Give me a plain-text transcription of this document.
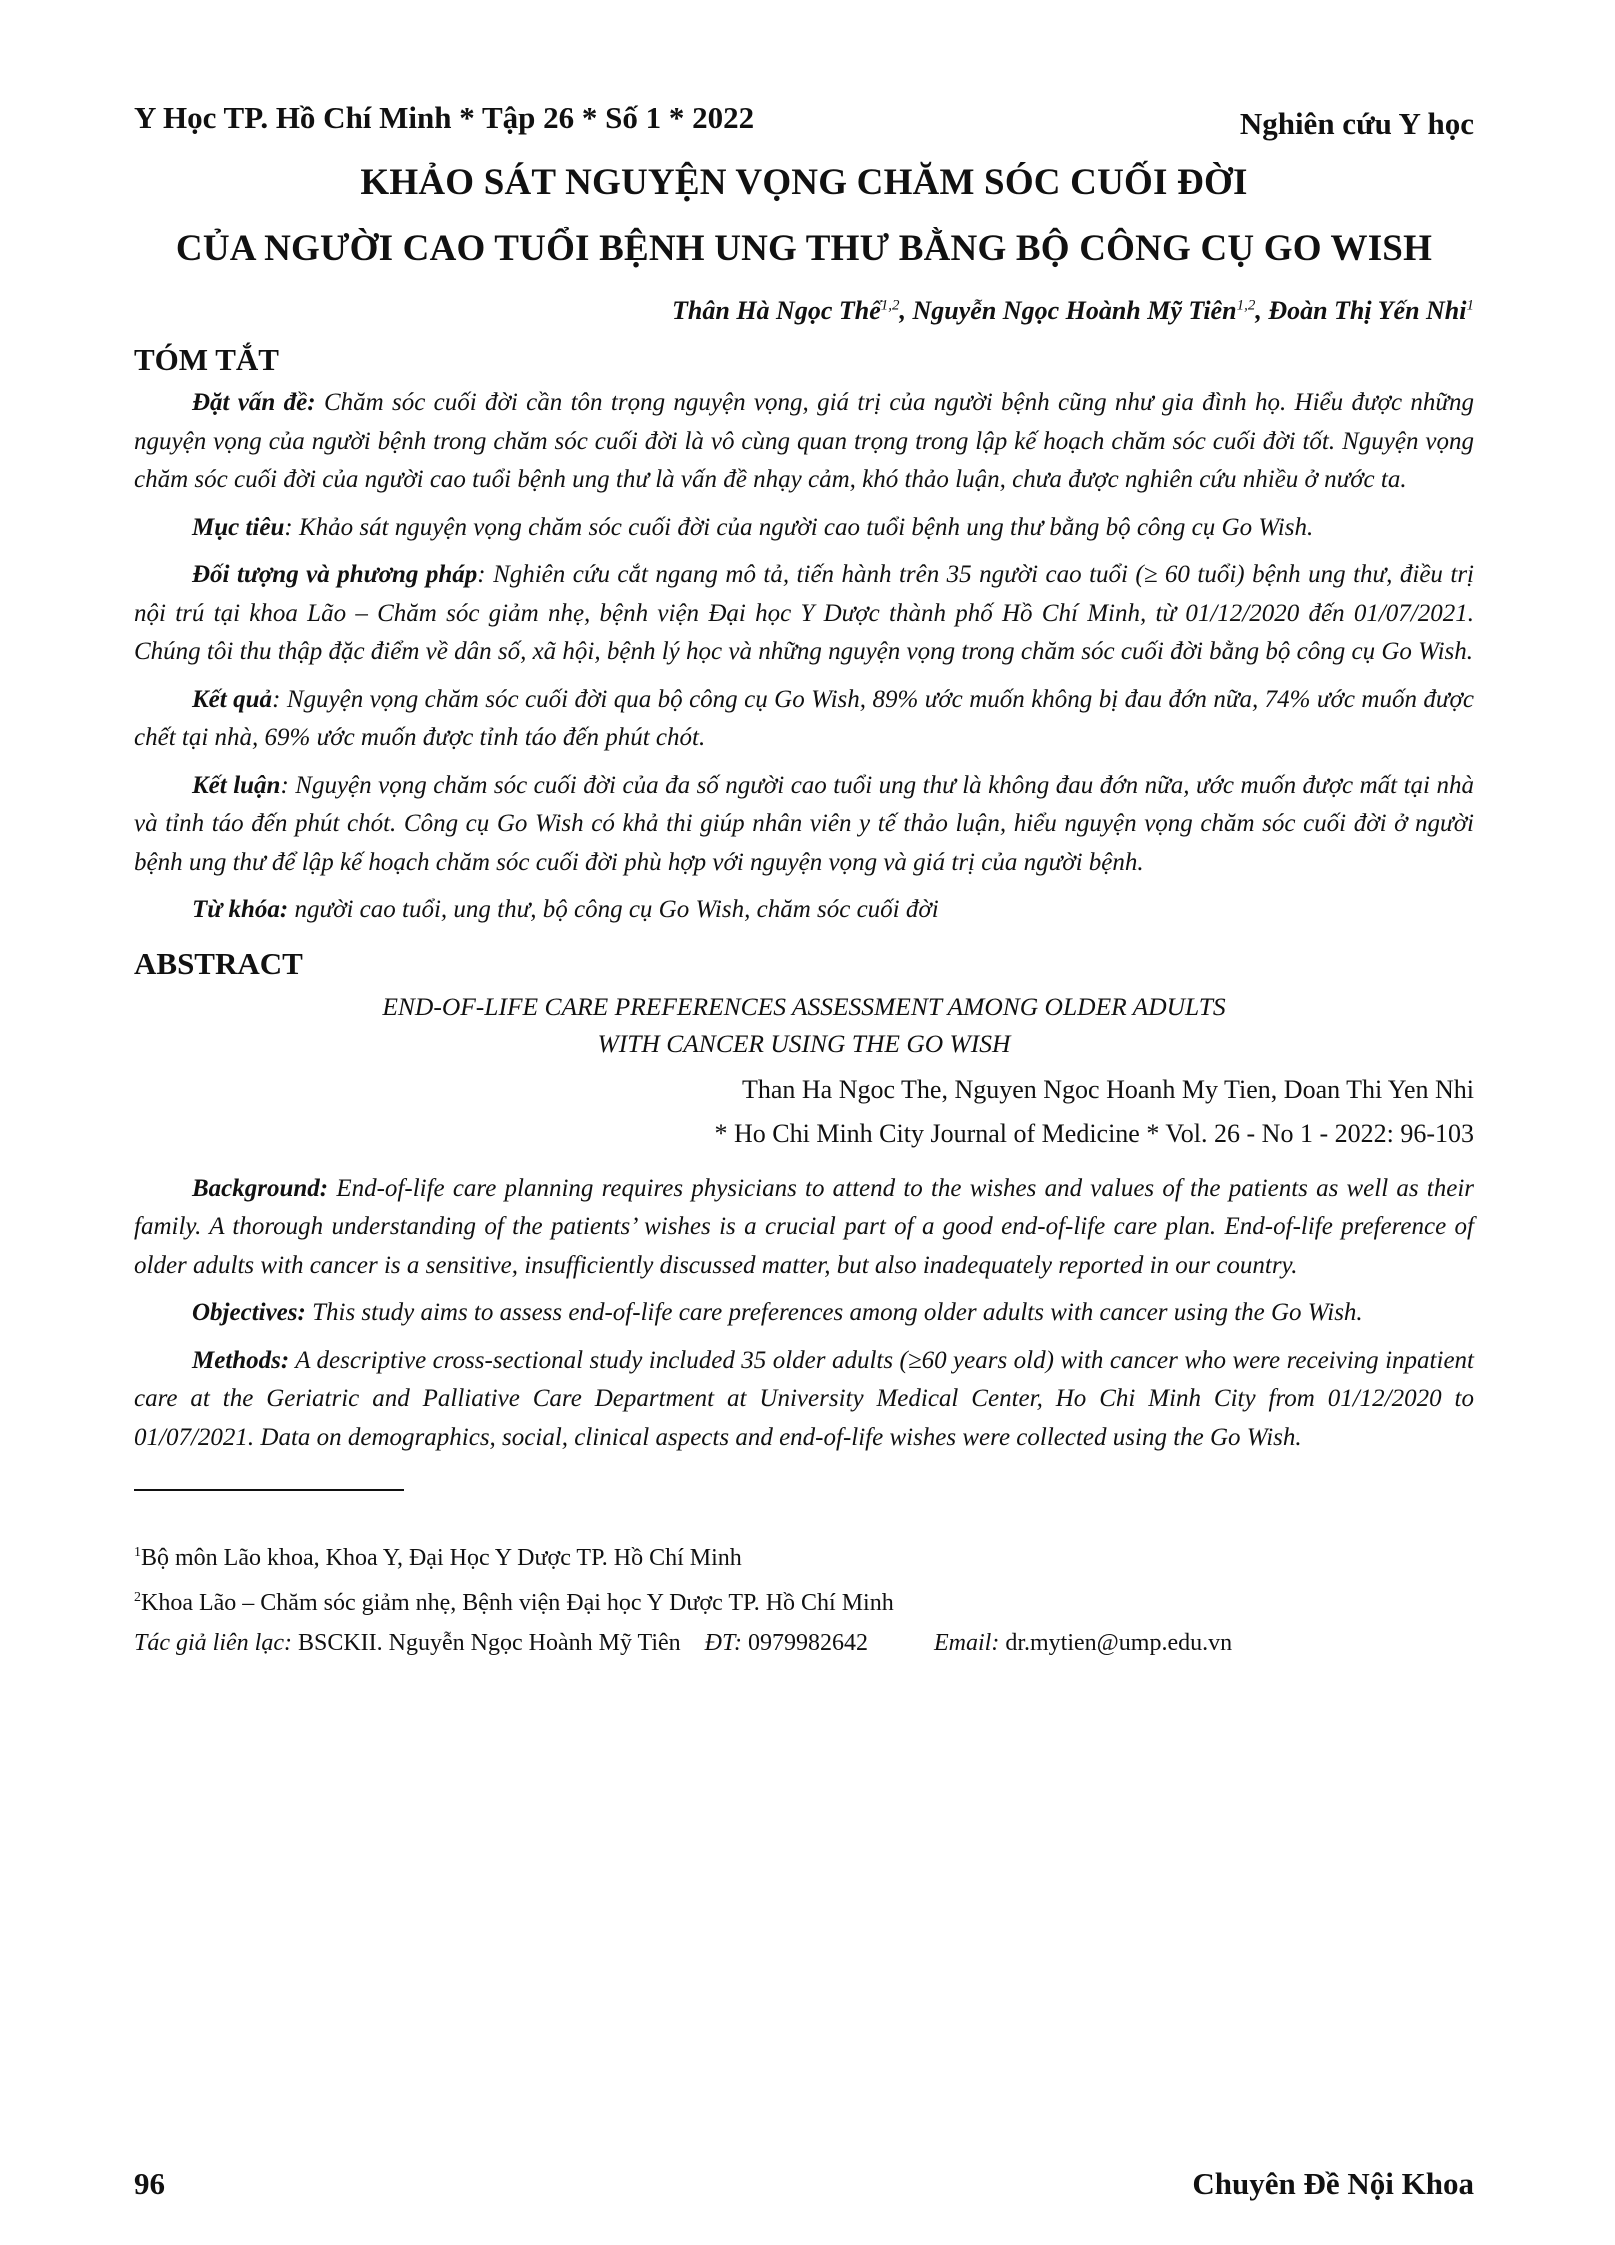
Y Học TP. Hồ Chí Minh * Tập 26 * Số 1 * 2022	Nghiên cứu Y học
KHẢO SÁT NGUYỆN VỌNG CHĂM SÓC CUỐI ĐỜI
CỦA NGƯỜI CAO TUỔI BỆNH UNG THƯ BẰNG BỘ CÔNG CỤ GO WISH
Thân Hà Ngọc Thể$^{1,2}$, Nguyễn Ngọc Hoành Mỹ Tiên$^{1,2}$, Đoàn Thị Yến Nhi$^1$
TÓM TẮT

Đặt vấn đề: Chăm sóc cuối đời cần tôn trọng nguyện vọng, giá trị của người bệnh cũng như gia đình họ. Hiểu được những nguyện vọng của người bệnh trong chăm sóc cuối đời là vô cùng quan trọng trong lập kế hoạch chăm sóc cuối đời tốt. Nguyện vọng chăm sóc cuối đời của người cao tuổi bệnh ung thư là vấn đề nhạy cảm, khó thảo luận, chưa được nghiên cứu nhiều ở nước ta.

Mục tiêu: Khảo sát nguyện vọng chăm sóc cuối đời của người cao tuổi bệnh ung thư bằng bộ công cụ Go Wish.

Đối tượng và phương pháp: Nghiên cứu cắt ngang mô tả, tiến hành trên 35 người cao tuổi (≥ 60 tuổi) bệnh ung thư, điều trị nội trú tại khoa Lão – Chăm sóc giảm nhẹ, bệnh viện Đại học Y Dược thành phố Hồ Chí Minh, từ 01/12/2020 đến 01/07/2021. Chúng tôi thu thập đặc điểm về dân số, xã hội, bệnh lý học và những nguyện vọng trong chăm sóc cuối đời bằng bộ công cụ Go Wish.

Kết quả: Nguyện vọng chăm sóc cuối đời qua bộ công cụ Go Wish, 89% ước muốn không bị đau đớn nữa, 74% ước muốn được chết tại nhà, 69% ước muốn được tỉnh táo đến phút chót.

Kết luận: Nguyện vọng chăm sóc cuối đời của đa số người cao tuổi ung thư là không đau đớn nữa, ước muốn được mất tại nhà và tỉnh táo đến phút chót. Công cụ Go Wish có khả thi giúp nhân viên y tế thảo luận, hiểu nguyện vọng chăm sóc cuối đời ở người bệnh ung thư để lập kế hoạch chăm sóc cuối đời phù hợp với nguyện vọng và giá trị của người bệnh.

Từ khóa: người cao tuổi, ung thư, bộ công cụ Go Wish, chăm sóc cuối đời

ABSTRACT
END-OF-LIFE CARE PREFERENCES ASSESSMENT AMONG OLDER ADULTS
WITH CANCER USING THE GO WISH
Than Ha Ngoc The, Nguyen Ngoc Hoanh My Tien, Doan Thi Yen Nhi
* Ho Chi Minh City Journal of Medicine * Vol. 26 - No 1 - 2022: 96-103

Background: End-of-life care planning requires physicians to attend to the wishes and values of the patients as well as their family. A thorough understanding of the patients’ wishes is a crucial part of a good end-of-life care plan. End-of-life preference of older adults with cancer is a sensitive, insufficiently discussed matter, but also inadequately reported in our country.

Objectives: This study aims to assess end-of-life care preferences among older adults with cancer using the Go Wish.

Methods: A descriptive cross-sectional study included 35 older adults (≥60 years old) with cancer who were receiving inpatient care at the Geriatric and Palliative Care Department at University Medical Center, Ho Chi Minh City from 01/12/2020 to 01/07/2021. Data on demographics, social, clinical aspects and end-of-life wishes were collected using the Go Wish.

$^1$Bộ môn Lão khoa, Khoa Y, Đại Học Y Dược TP. Hồ Chí Minh
$^2$Khoa Lão – Chăm sóc giảm nhẹ, Bệnh viện Đại học Y Dược TP. Hồ Chí Minh
Tác giả liên lạc: BSCKII. Nguyễn Ngọc Hoành Mỹ Tiên ĐT: 0979982642	Email: dr.mytien@ump.edu.vn
96	Chuyên Đề Nội Khoa
